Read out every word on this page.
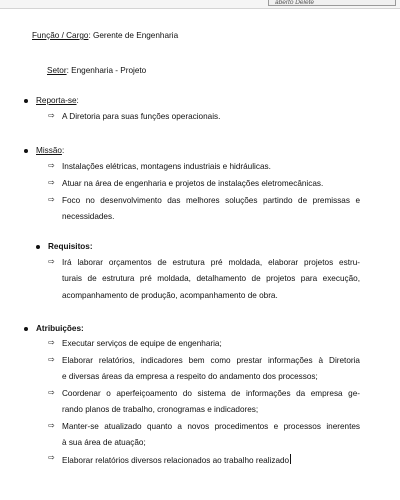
aberto Delete
Função / Cargo: Gerente de Engenharia
Setor: Engenharia - Projeto
Reporta-se:
⇨ A Diretoria para suas funções operacionais.
Missão:
⇨ Instalações elétricas, montagens industriais e hidráulicas.
⇨ Atuar na área de engenharia e projetos de instalações eletromecânicas.
⇨ Foco no desenvolvimento das melhores soluções partindo de premissas e
necessidades.
Requisitos:
⇨ Irá laborar orçamentos de estrutura pré moldada, elaborar projetos estru-
turais de estrutura pré moldada, detalhamento de projetos para execução,
acompanhamento de produção, acompanhamento de obra.
Atribuições:
⇨ Executar serviços de equipe de engenharia;
⇨ Elaborar relatórios, indicadores bem como prestar informações à Diretoria
e diversas áreas da empresa a respeito do andamento dos processos;
⇨ Coordenar o aperfeiçoamento do sistema de informações da empresa ge-
rando planos de trabalho, cronogramas e indicadores;
⇨ Manter-se atualizado quanto a novos procedimentos e processos inerentes
à sua área de atuação;
⇨ Elaborar relatórios diversos relacionados ao trabalho realizado
